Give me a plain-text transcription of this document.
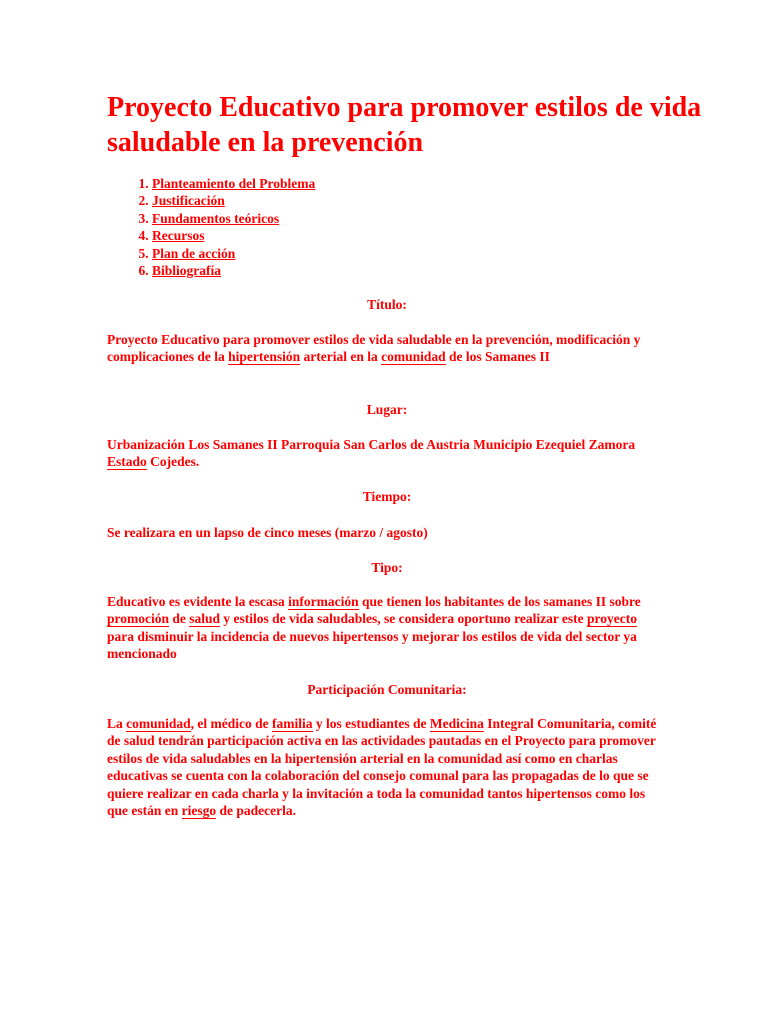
Proyecto Educativo para promover estilos de vida saludable en la prevención
1. Planteamiento del Problema
2. Justificación
3. Fundamentos teóricos
4. Recursos
5. Plan de acción
6. Bibliografía
Título:

Proyecto Educativo para promover estilos de vida saludable en la prevención, modificación y complicaciones de la hipertensión arterial en la comunidad de los Samanes II

Lugar:

Urbanización Los Samanes II Parroquia San Carlos de Austria Municipio Ezequiel Zamora Estado Cojedes.

Tiempo:

Se realizara en un lapso de cinco meses (marzo / agosto)

Tipo:

Educativo es evidente la escasa información que tienen los habitantes de los samanes II sobre promoción de salud y estilos de vida saludables, se considera oportuno realizar este proyecto para disminuir la incidencia de nuevos hipertensos y mejorar los estilos de vida del sector ya mencionado

Participación Comunitaria:

La comunidad, el médico de familia y los estudiantes de Medicina Integral Comunitaria, comité de salud tendrán participación activa en las actividades pautadas en el Proyecto para promover estilos de vida saludables en la hipertensión arterial en la comunidad así como en charlas educativas se cuenta con la colaboración del consejo comunal para las propagadas de lo que se quiere realizar en cada charla y la invitación a toda la comunidad tantos hipertensos como los que están en riesgo de padecerla.
